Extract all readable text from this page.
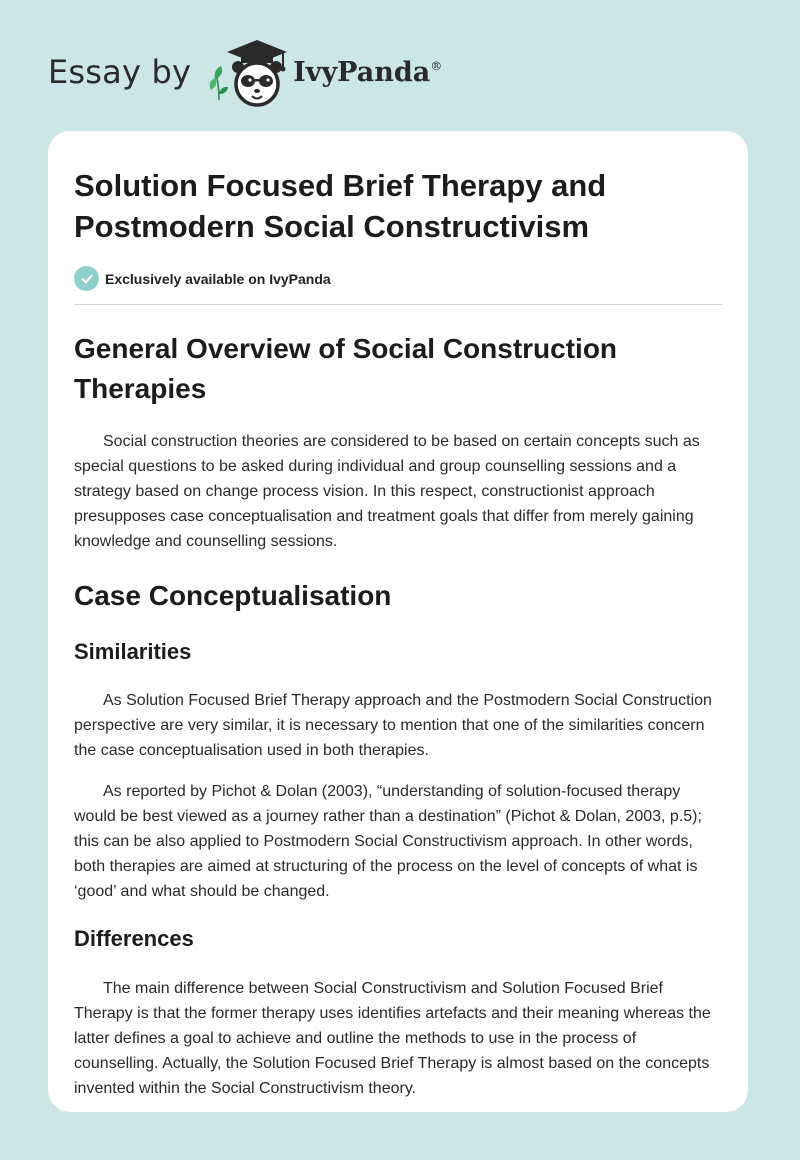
Essay by	IvyPanda®
Solution Focused Brief Therapy and Postmodern Social Constructivism
Exclusively available on IvyPanda
General Overview of Social Construction Therapies

Social construction theories are considered to be based on certain concepts such as special questions to be asked during individual and group counselling sessions and a strategy based on change process vision. In this respect, constructionist approach presupposes case conceptualisation and treatment goals that differ from merely gaining knowledge and counselling sessions.

Case Conceptualisation
Similarities

As Solution Focused Brief Therapy approach and the Postmodern Social Construction perspective are very similar, it is necessary to mention that one of the similarities concern the case conceptualisation used in both therapies.

As reported by Pichot & Dolan (2003), “understanding of solution-focused therapy would be best viewed as a journey rather than a destination” (Pichot & Dolan, 2003, p.5); this can be also applied to Postmodern Social Constructivism approach. In other words, both therapies are aimed at structuring of the process on the level of concepts of what is ‘good’ and what should be changed.

Differences

The main difference between Social Constructivism and Solution Focused Brief Therapy is that the former therapy uses identifies artefacts and their meaning whereas the latter defines a goal to achieve and outline the methods to use in the process of counselling. Actually, the Solution Focused Brief Therapy is almost based on the concepts invented within the Social Constructivism theory.
